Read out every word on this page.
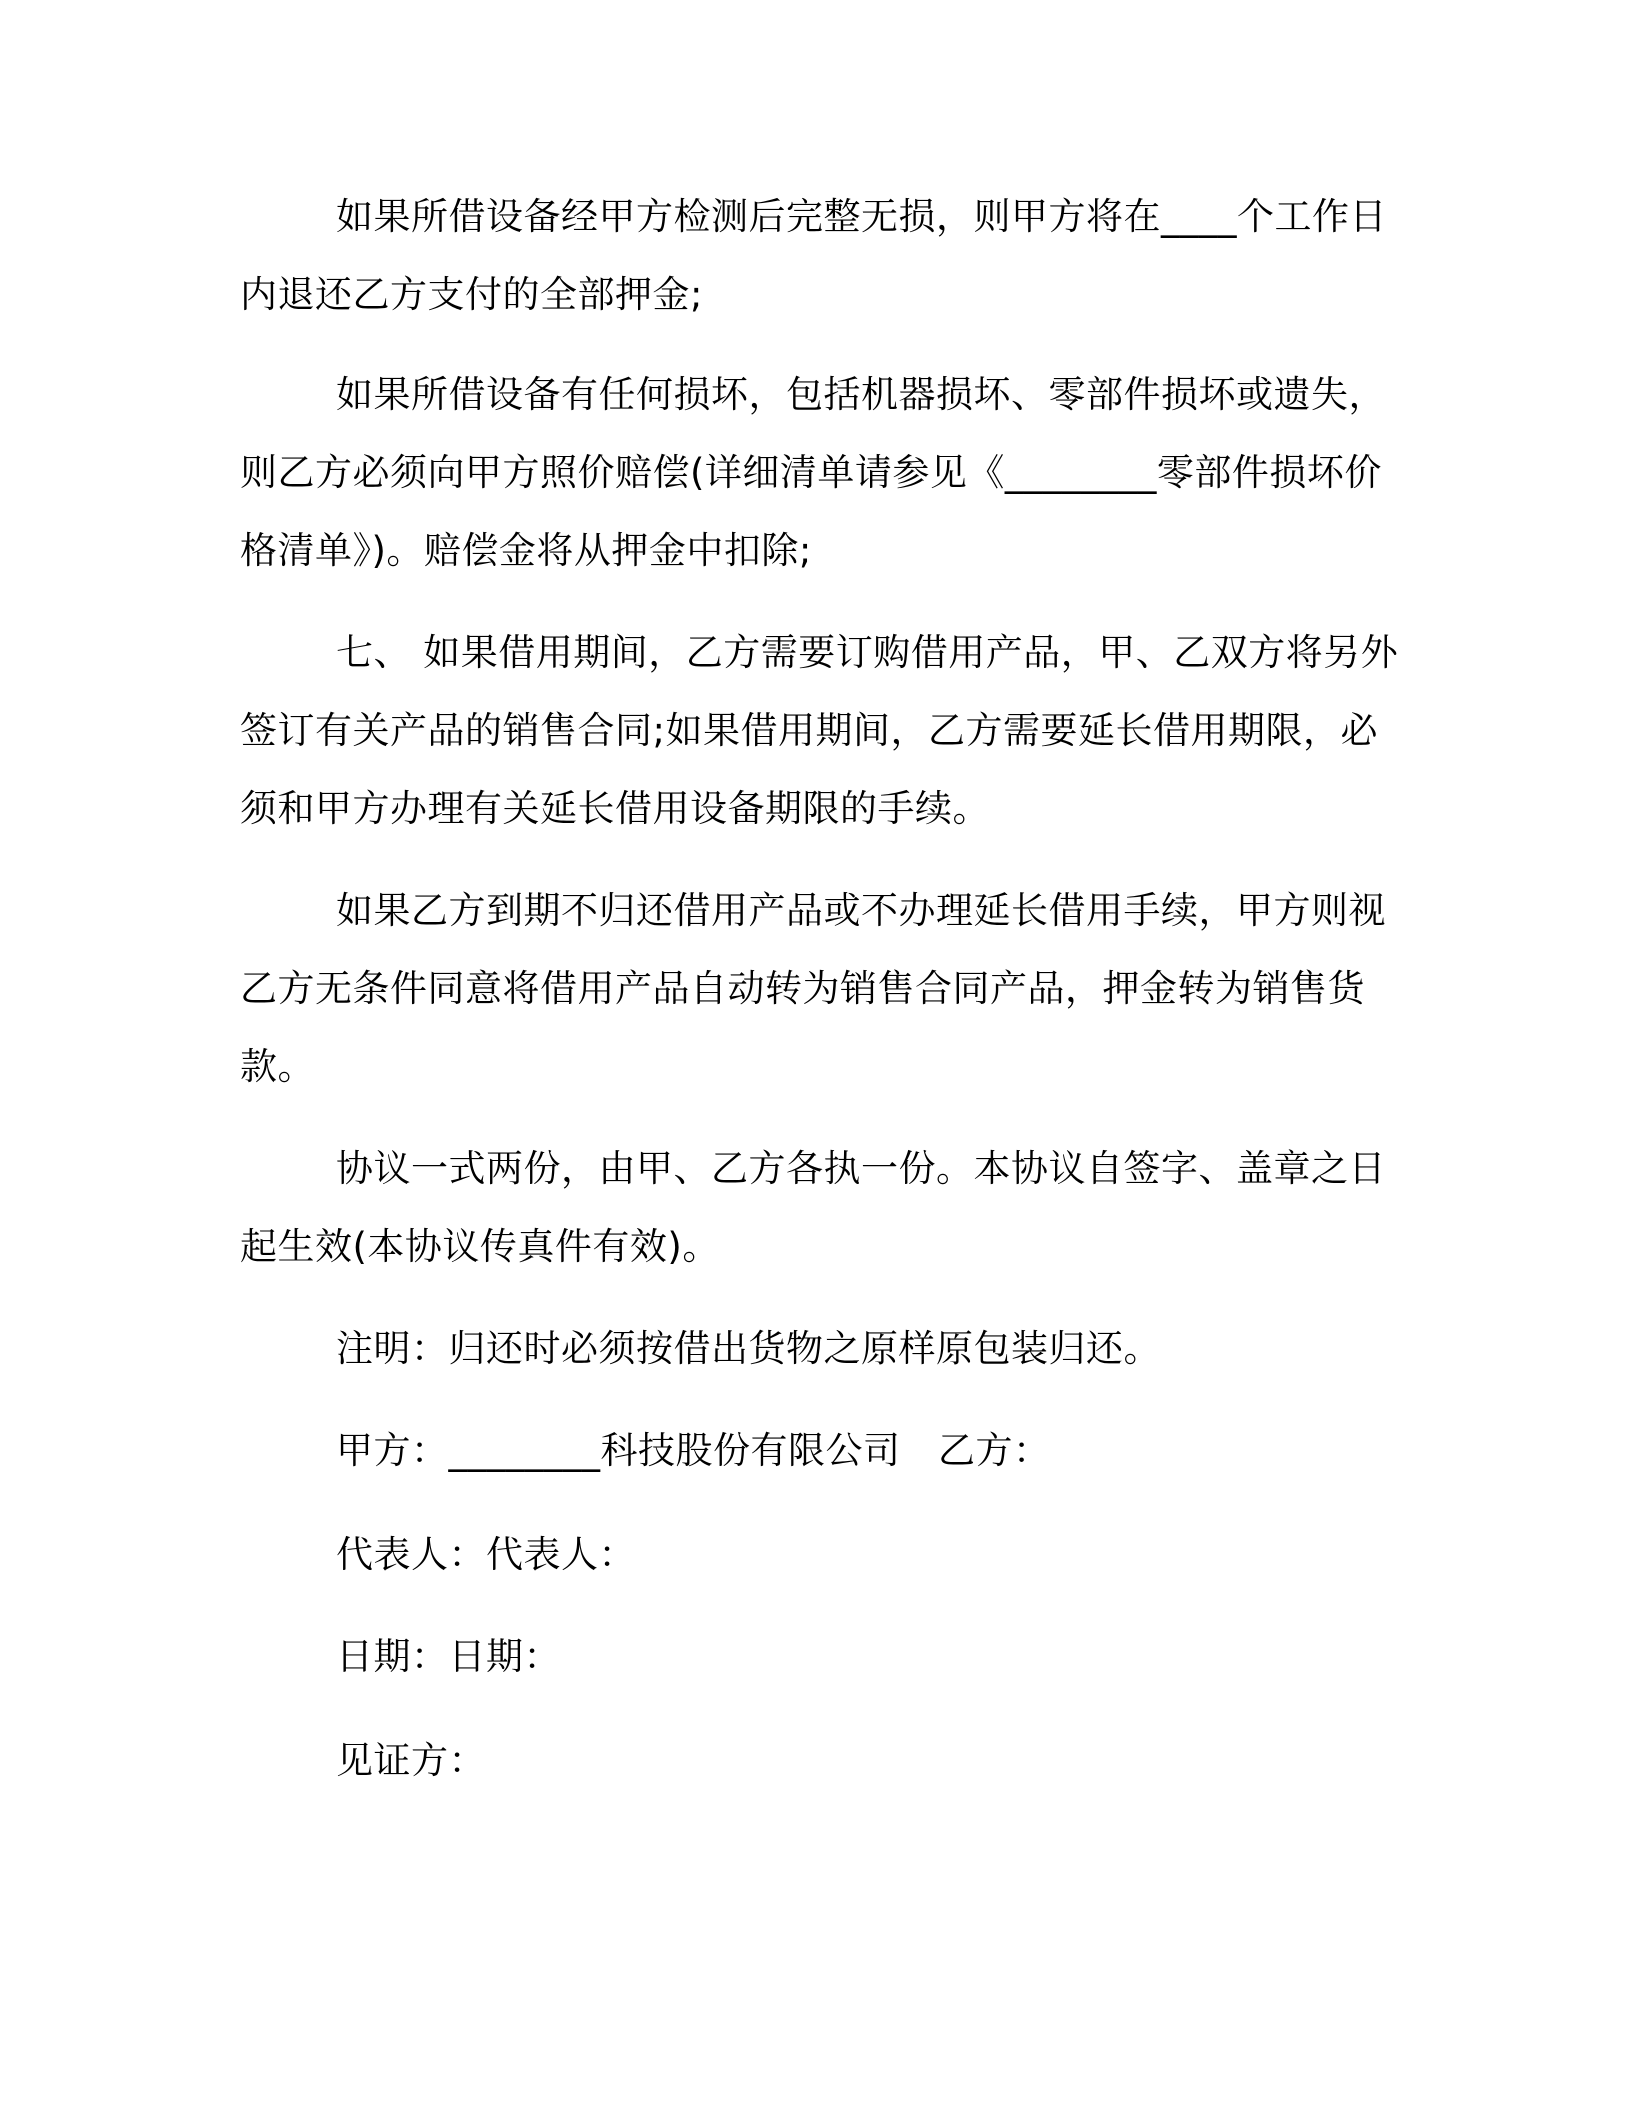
如果所借设备经甲方检测后完整无损，则甲方将在____个工作日
内退还乙方支付的全部押金;
如果所借设备有任何损坏，包括机器损坏、零部件损坏或遗失，
则乙方必须向甲方照价赔偿(详细清单请参见《________零部件损坏价
格清单》)。赔偿金将从押金中扣除;
七、 如果借用期间，乙方需要订购借用产品，甲、乙双方将另外
签订有关产品的销售合同;如果借用期间，乙方需要延长借用期限，必
须和甲方办理有关延长借用设备期限的手续。
如果乙方到期不归还借用产品或不办理延长借用手续，甲方则视
乙方无条件同意将借用产品自动转为销售合同产品，押金转为销售货
款。
协议一式两份，由甲、乙方各执一份。本协议自签字、盖章之日
起生效(本协议传真件有效)。
注明：归还时必须按借出货物之原样原包装归还。
甲方：________科技股份有限公司　乙方：
代表人：代表人：
日期：日期：
见证方：
